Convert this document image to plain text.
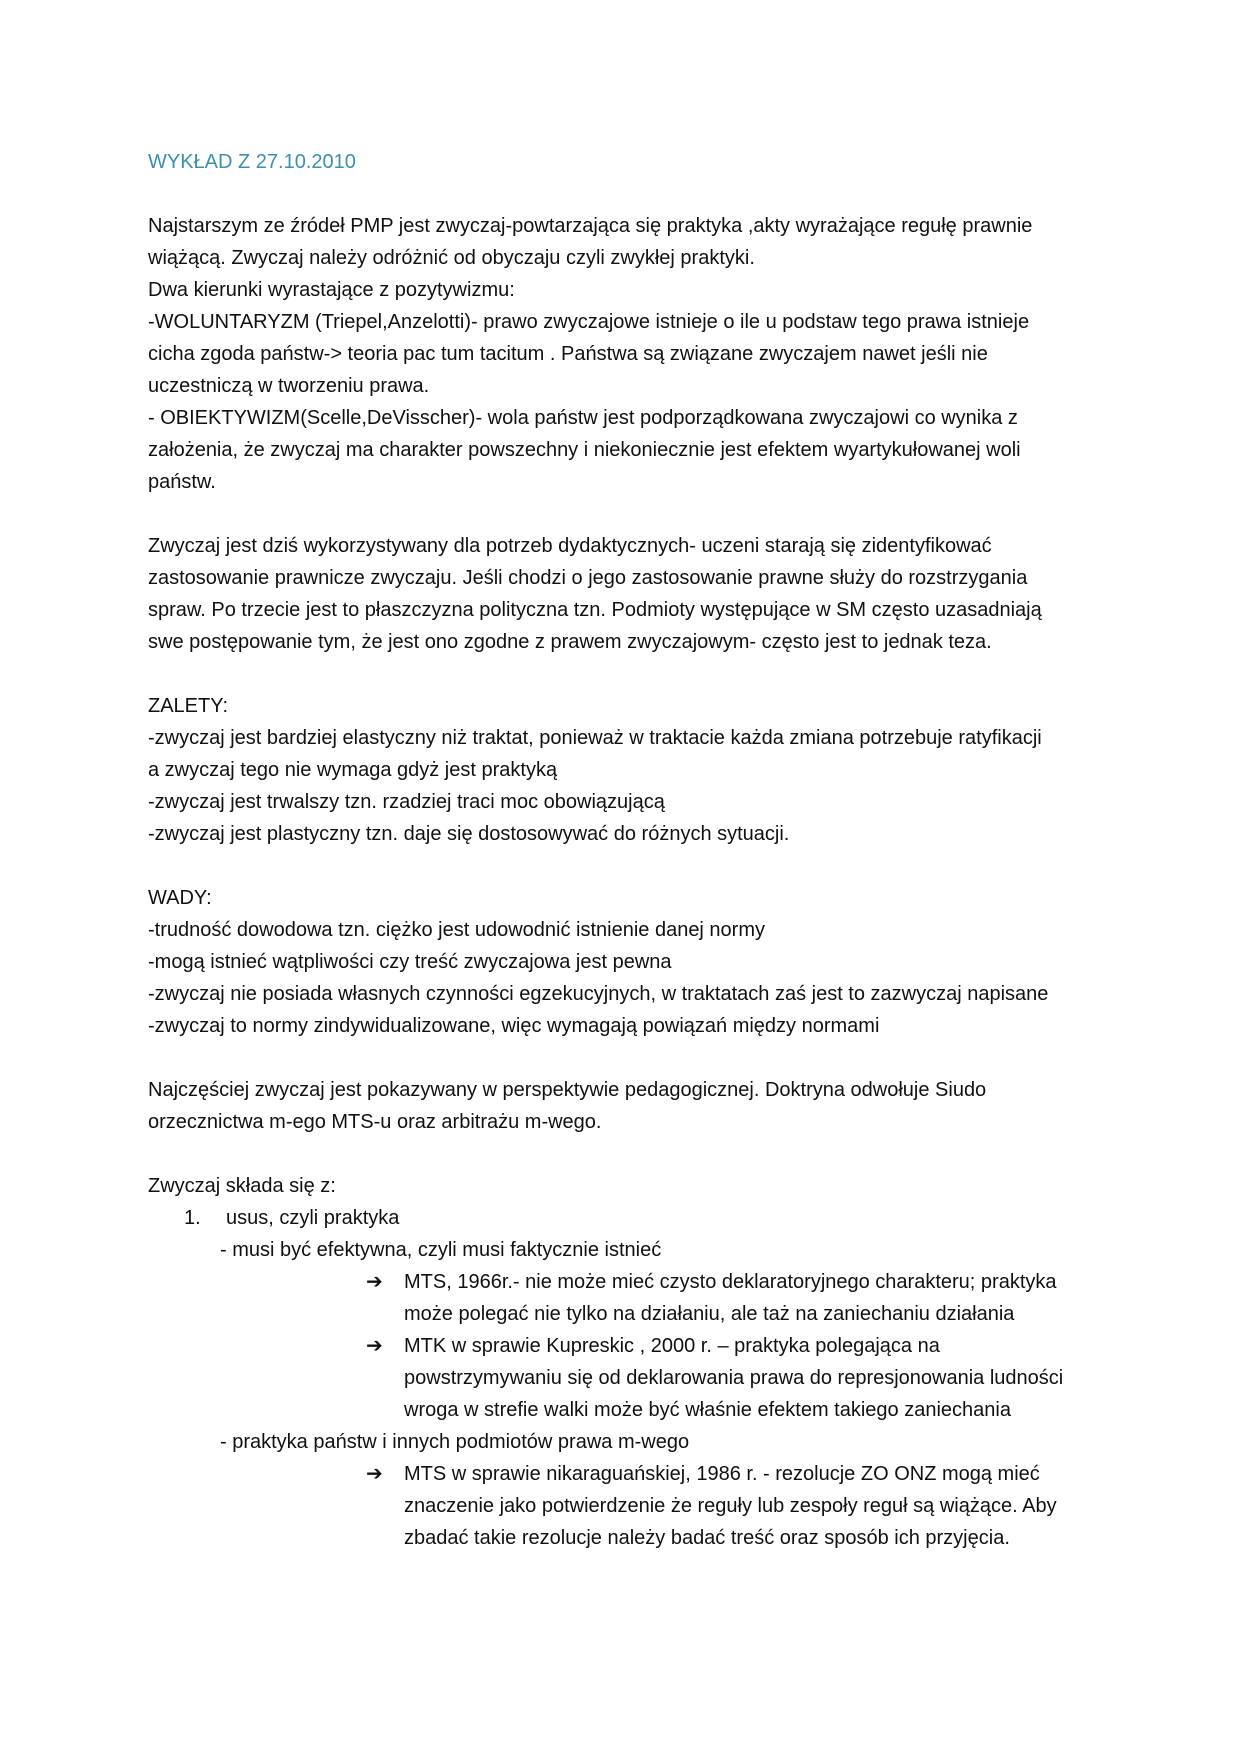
WYKŁAD Z 27.10.2010
Najstarszym ze źródeł PMP jest zwyczaj-powtarzająca się praktyka ,akty wyrażające regułę prawnie
wiążącą. Zwyczaj należy odróżnić od obyczaju czyli zwykłej praktyki.
Dwa kierunki wyrastające z pozytywizmu:
-WOLUNTARYZM (Triepel,Anzelotti)- prawo zwyczajowe istnieje o ile u podstaw tego prawa istnieje
cicha zgoda państw-> teoria pac tum tacitum . Państwa są związane zwyczajem nawet jeśli nie
uczestniczą w tworzeniu prawa.
- OBIEKTYWIZM(Scelle,DeVisscher)- wola państw jest podporządkowana zwyczajowi co wynika z
założenia, że zwyczaj ma charakter powszechny i niekoniecznie jest efektem wyartykułowanej woli
państw.
Zwyczaj jest dziś wykorzystywany dla potrzeb dydaktycznych- uczeni starają się zidentyfikować
zastosowanie prawnicze zwyczaju. Jeśli chodzi o jego zastosowanie prawne służy do rozstrzygania
spraw. Po trzecie jest to płaszczyzna polityczna tzn. Podmioty występujące w SM często uzasadniają
swe postępowanie tym, że jest ono zgodne z prawem zwyczajowym- często jest to jednak teza.
ZALETY:
-zwyczaj jest bardziej elastyczny niż traktat, ponieważ w traktacie każda zmiana potrzebuje ratyfikacji
a zwyczaj tego nie wymaga gdyż jest praktyką
-zwyczaj jest trwalszy tzn. rzadziej traci moc obowiązującą
-zwyczaj jest plastyczny tzn. daje się dostosowywać do różnych sytuacji.
WADY:
-trudność dowodowa tzn. ciężko jest udowodnić istnienie danej normy
-mogą istnieć wątpliwości czy treść zwyczajowa jest pewna
-zwyczaj nie posiada własnych czynności egzekucyjnych, w traktatach zaś jest to zazwyczaj napisane
-zwyczaj to normy zindywidualizowane, więc wymagają powiązań między normami
Najczęściej zwyczaj jest pokazywany w perspektywie pedagogicznej. Doktryna odwołuje Siudo
orzecznictwa m-ego MTS-u oraz arbitrażu m-wego.
Zwyczaj składa się z:
1.	usus, czyli praktyka
- musi być efektywna, czyli musi faktycznie istnieć
➔	MTS, 1966r.- nie może mieć czysto deklaratoryjnego charakteru; praktyka może polegać nie tylko na działaniu, ale taż na zaniechaniu działania
➔	MTK w sprawie Kupreskic , 2000 r. – praktyka polegająca na powstrzymywaniu się od deklarowania prawa do represjonowania ludności wroga w strefie walki może być właśnie efektem takiego zaniechania
- praktyka państw i innych podmiotów prawa m-wego
➔	MTS w sprawie nikaraguańskiej, 1986 r. - rezolucje ZO ONZ mogą mieć znaczenie jako potwierdzenie że reguły lub zespoły reguł są wiążące. Aby zbadać takie rezolucje należy badać treść oraz sposób ich przyjęcia.
